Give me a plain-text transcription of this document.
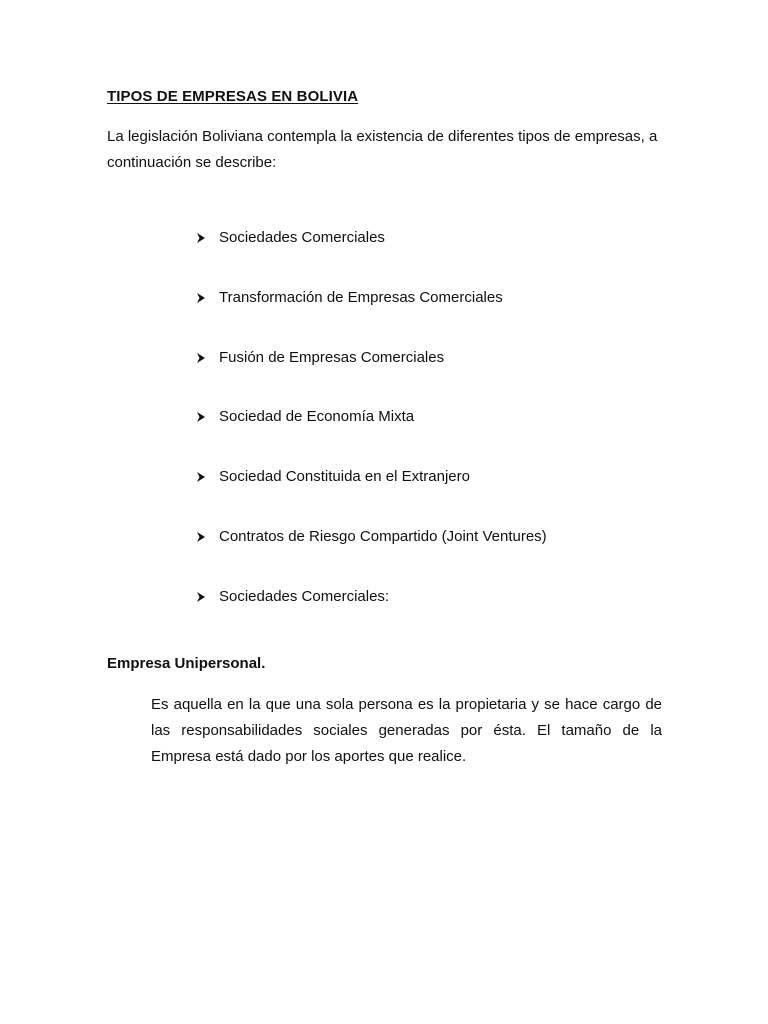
TIPOS DE EMPRESAS EN BOLIVIA

La legislación Boliviana contempla la existencia de diferentes tipos de empresas, a continuación se describe:

Sociedades Comerciales
Transformación de Empresas Comerciales
Fusión de Empresas Comerciales
Sociedad de Economía Mixta
Sociedad Constituida en el Extranjero
Contratos de Riesgo Compartido (Joint Ventures)
Sociedades Comerciales:
Empresa Unipersonal.

Es aquella en la que una sola persona es la propietaria y se hace cargo de las responsabilidades sociales generadas por ésta. El tamaño de la Empresa está dado por los aportes que realice.
